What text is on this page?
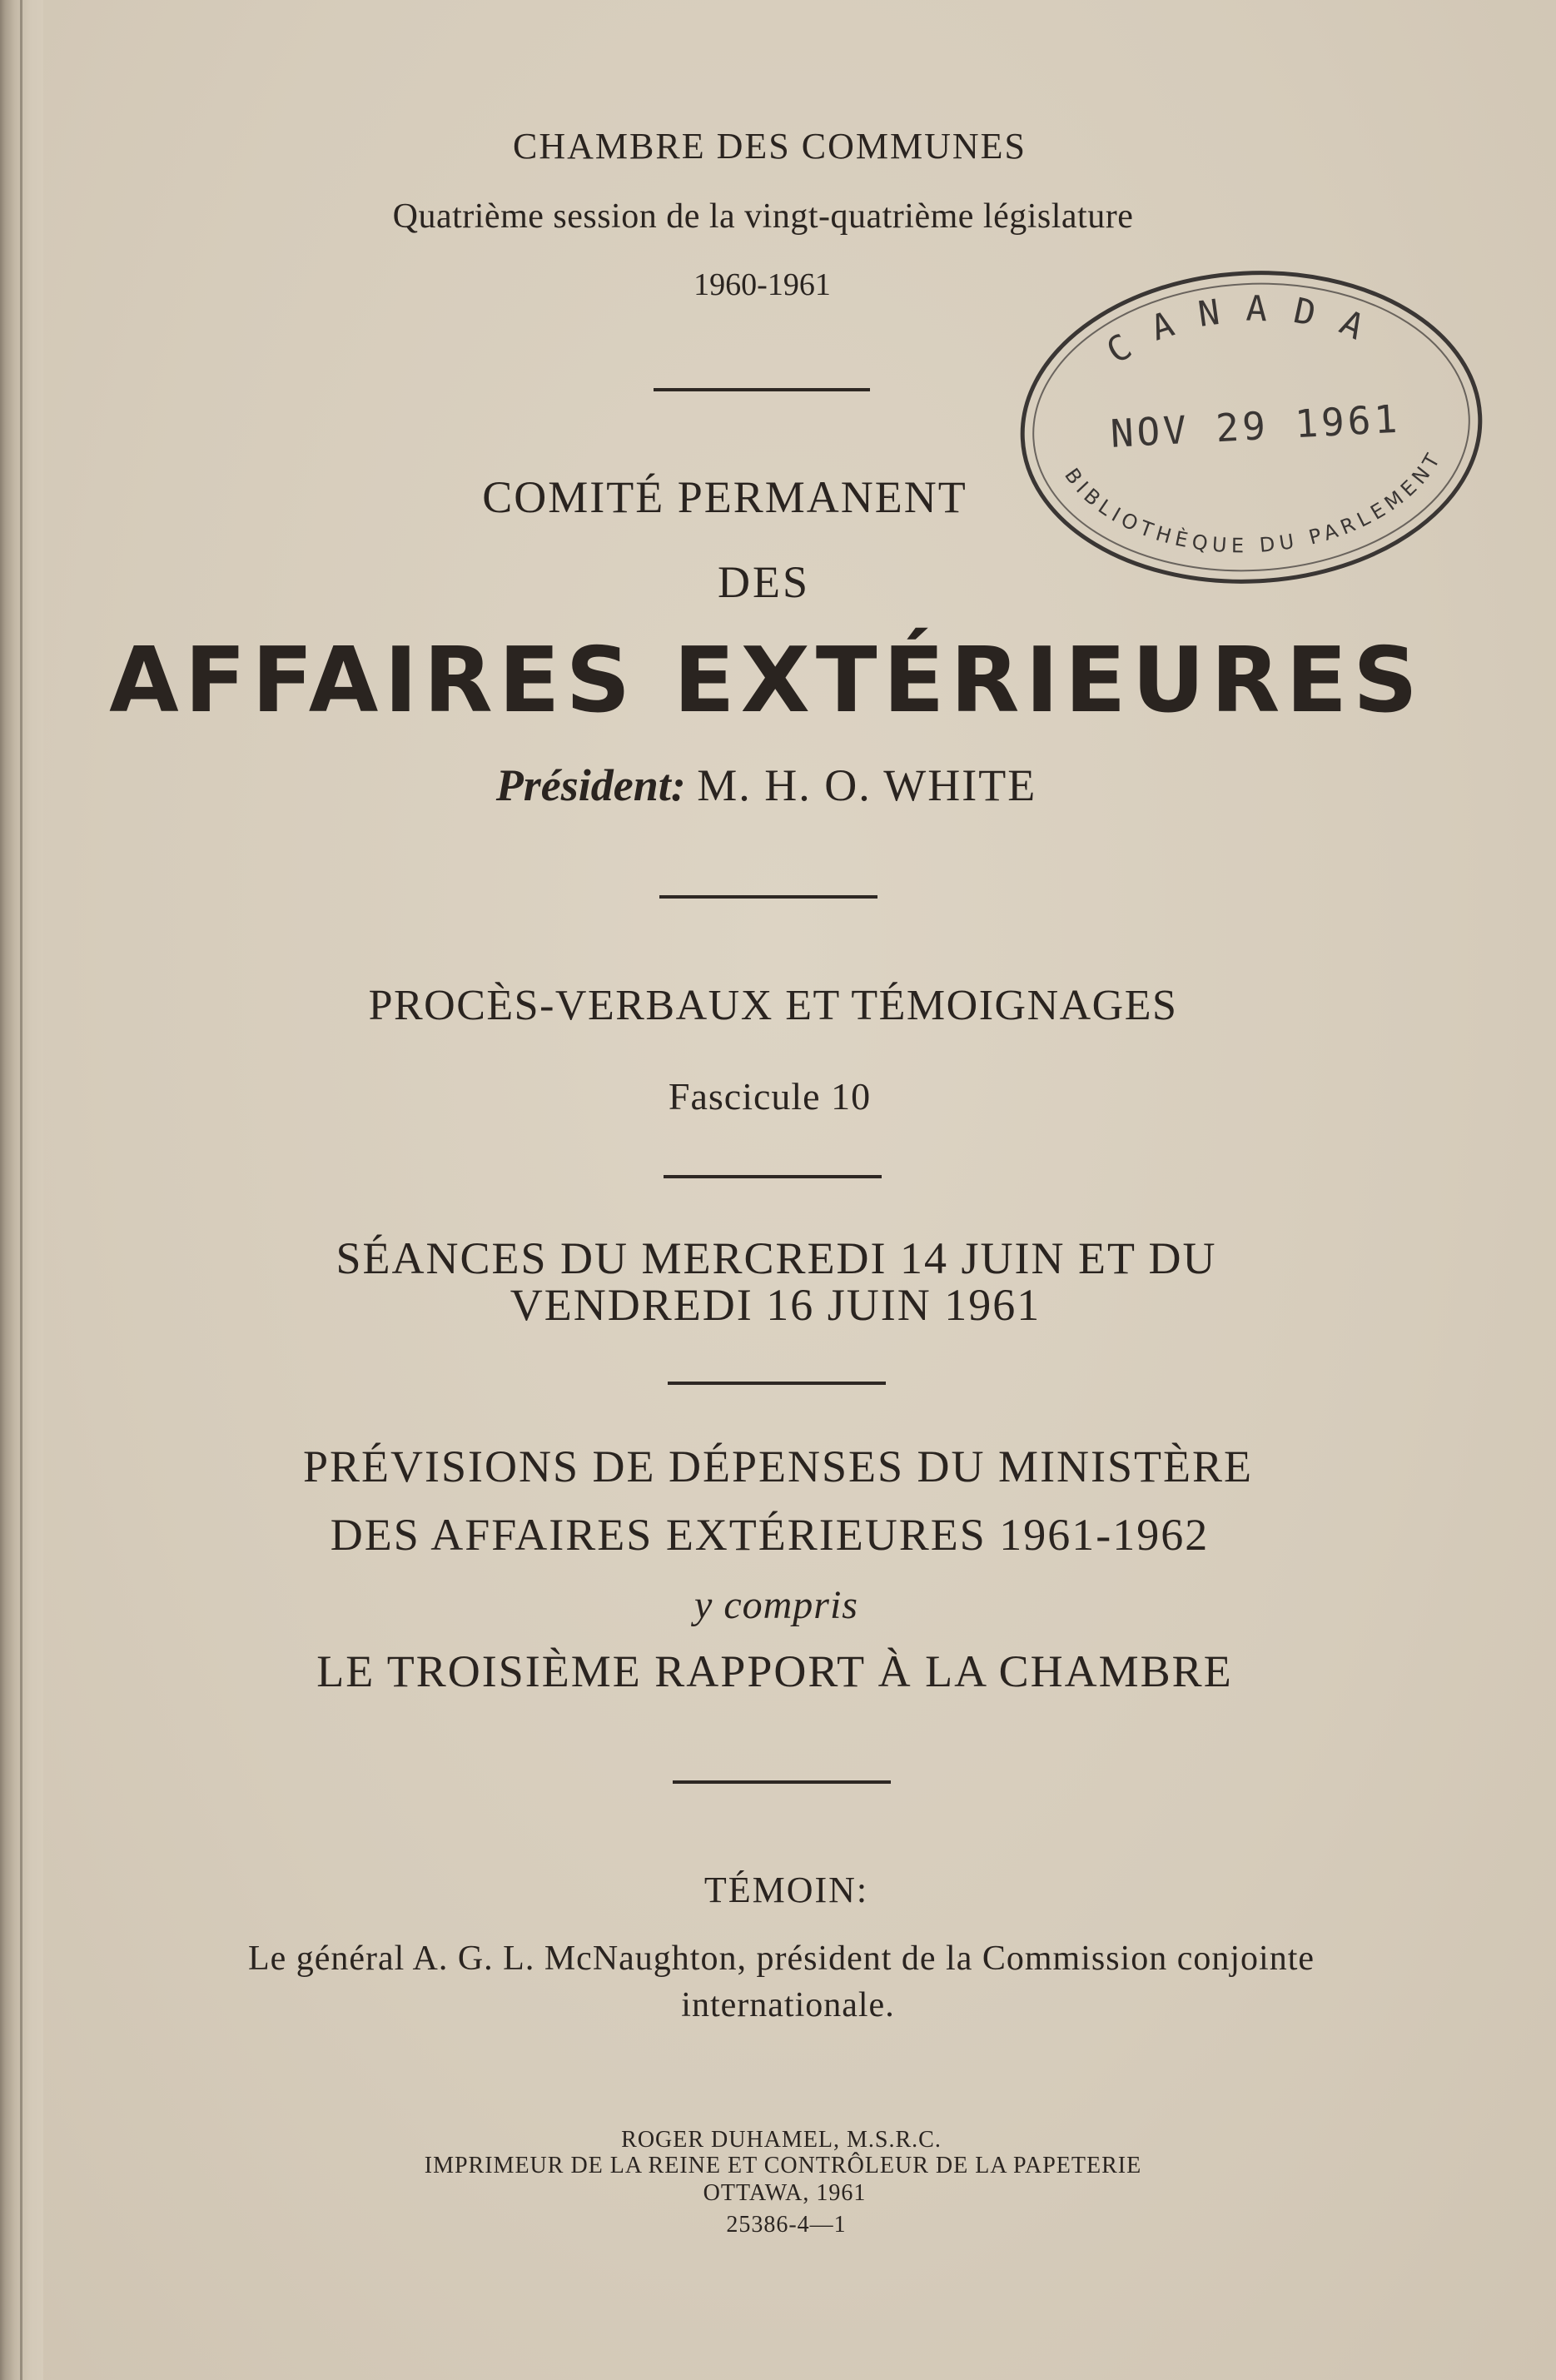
CHAMBRE DES COMMUNES
Quatrième session de la vingt-quatrième législature
1960-1961
COMITÉ PERMANENT
DES
AFFAIRES EXTÉRIEURES
Président: M. H. O. WHITE
PROCÈS-VERBAUX ET TÉMOIGNAGES
Fascicule 10
SÉANCES DU MERCREDI 14 JUIN ET DU
VENDREDI 16 JUIN 1961
PRÉVISIONS DE DÉPENSES DU MINISTÈRE
DES AFFAIRES EXTÉRIEURES 1961-1962
y compris
LE TROISIÈME RAPPORT À LA CHAMBRE
TÉMOIN:
Le général A. G. L. McNaughton, président de la Commission conjointe
internationale.
ROGER DUHAMEL, M.S.R.C.
IMPRIMEUR DE LA REINE ET CONTRÔLEUR DE LA PAPETERIE
OTTAWA, 1961
25386-4—1
CANADA
NOV 29 1961
BIBLIOTHÈQUE DU PARLEMENT
